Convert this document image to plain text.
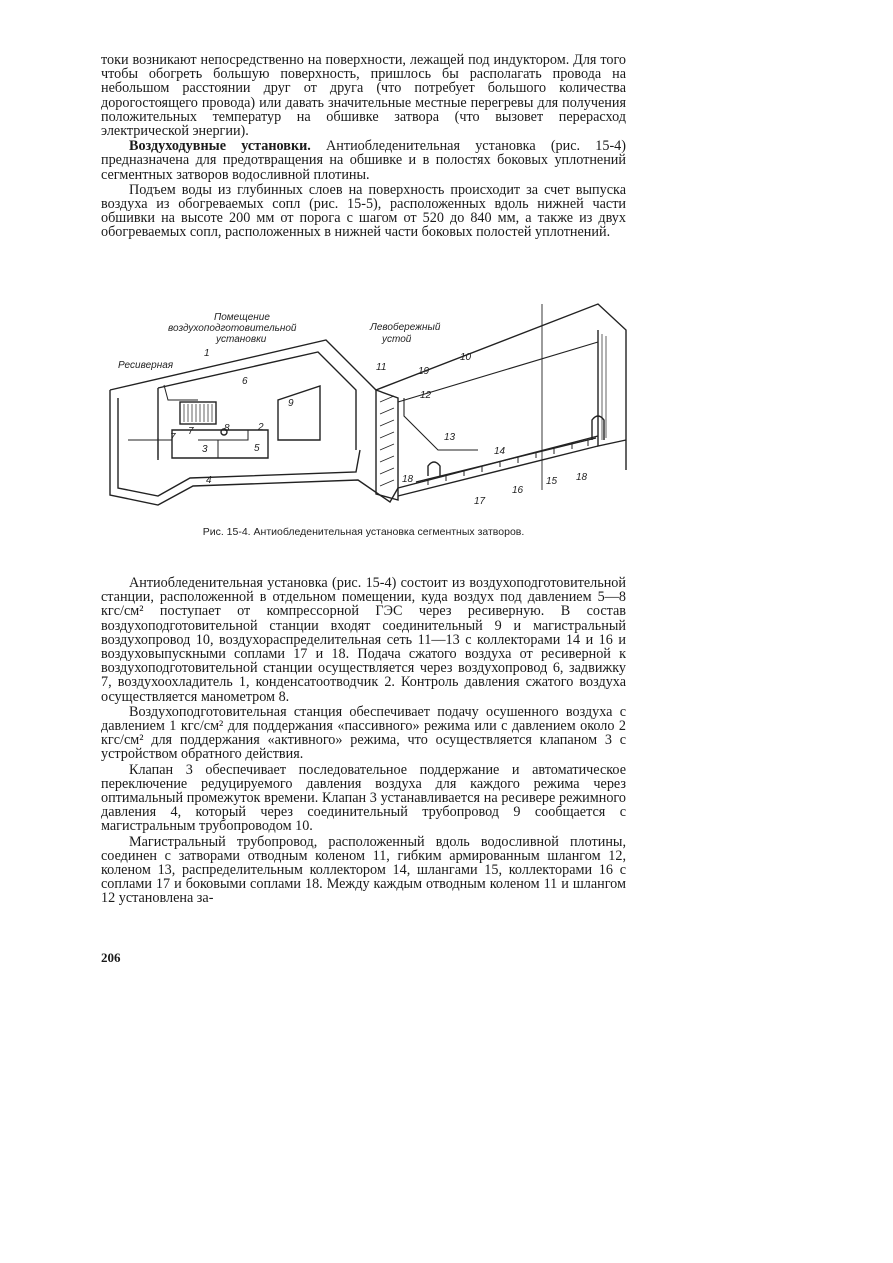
токи возникают непосредственно на поверхности, лежащей под индуктором. Для того чтобы обогреть большую поверхность, пришлось бы располагать провода на небольшом расстоянии друг от друга (что потребует большого количества дорогостоящего провода) или давать значительные местные перегревы для получения положительных температур на обшивке затвора (что вызовет перерасход электрической энергии).

Воздуходувные установки. Антиобледенительная установка (рис. 15-4) предназначена для предотвращения на обшивке и в полостях боковых уплотнений сегментных затворов водосливной плотины.

Подъем воды из глубинных слоев на поверхность происходит за счет выпуска воздуха из обогреваемых сопл (рис. 15-5), расположенных вдоль нижней части обшивки на высоте 200 мм от порога с шагом от 520 до 840 мм, а также из двух обогреваемых сопл, расположенных в нижней части боковых полостей уплотнений.

Помещение
воздухоподготовительной
установки
Ресиверная
Левобережный
устой
1
2
3
4
5
6
7
7	8
9
10
11
12
13
14
15
16
17
18	18
19
Рис. 15-4. Антиобледенительная установка сегментных затворов.

Антиобледенительная установка (рис. 15-4) состоит из воздухоподготовительной станции, расположенной в отдельном помещении, куда воздух под давлением 5—8 кгс/см² поступает от компрессорной ГЭС через ресиверную. В состав воздухоподготовительной станции входят соединительный 9 и магистральный воздухопровод 10, воздухораспределительная сеть 11—13 с коллекторами 14 и 16 и воздуховыпускными соплами 17 и 18. Подача сжатого воздуха от ресиверной к воздухоподготовительной станции осуществляется через воздухопровод 6, задвижку 7, воздухоохладитель 1, конденсатоотводчик 2. Контроль давления сжатого воздуха осуществляется манометром 8.

Воздухоподготовительная станция обеспечивает подачу осушенного воздуха с давлением 1 кгс/см² для поддержания «пассивного» режима или с давлением около 2 кгс/см² для поддержания «активного» режима, что осуществляется клапаном 3 с устройством обратного действия.

Клапан 3 обеспечивает последовательное поддержание и автоматическое переключение редуцируемого давления воздуха для каждого режима через оптимальный промежуток времени. Клапан 3 устанавливается на ресивере режимного давления 4, который через соединительный трубопровод 9 сообщается с магистральным трубопроводом 10.

Магистральный трубопровод, расположенный вдоль водосливной плотины, соединен с затворами отводным коленом 11, гибким армированным шлангом 12, коленом 13, распределительным коллектором 14, шлангами 15, коллекторами 16 с соплами 17 и боковыми соплами 18. Между каждым отводным коленом 11 и шлангом 12 установлена за-

206
